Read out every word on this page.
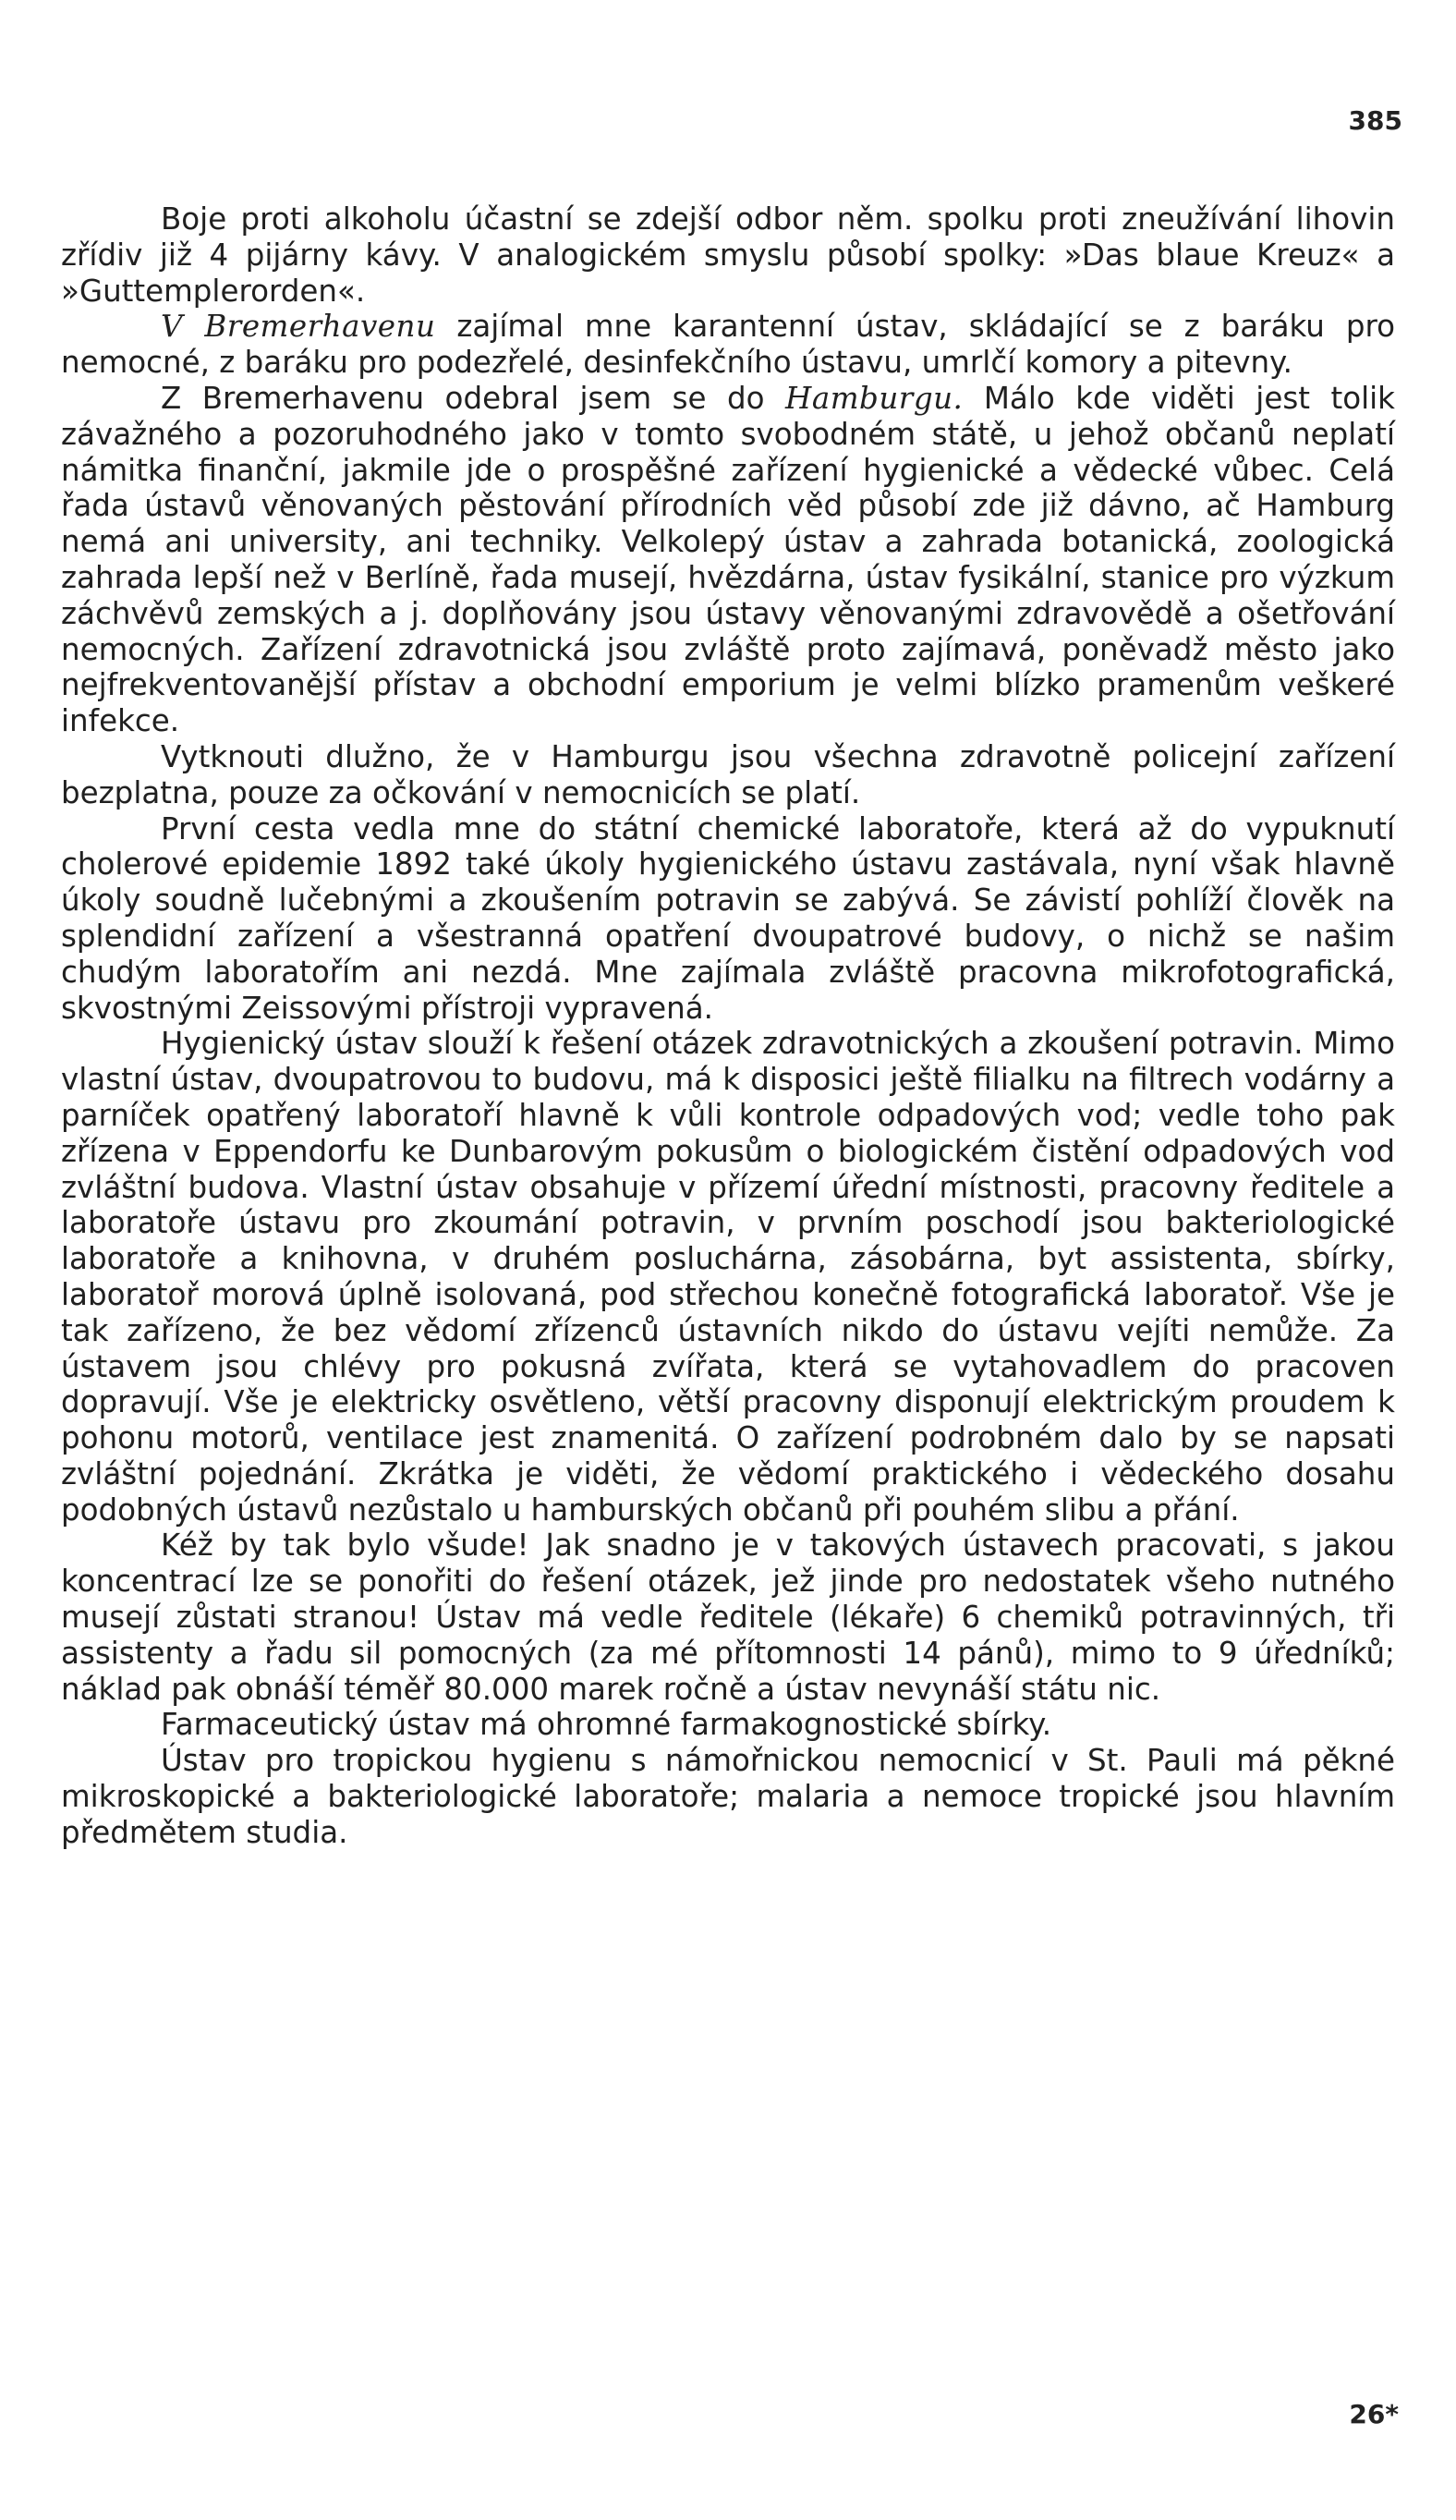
385

Boje proti alkoholu účastní se zdejší odbor něm. spolku proti zneužívání lihovin zřídiv již 4 pijárny kávy. V analogickém smyslu působí spolky: »Das blaue Kreuz« a »Guttemplerorden«.

V Bremerhavenu zajímal mne karantenní ústav, skládající se z baráku pro nemocné, z baráku pro podezřelé, desinfekčního ústavu, umrlčí komory a pitevny.

Z Bremerhavenu odebral jsem se do Hamburgu. Málo kde viděti jest tolik závažného a pozoruhodného jako v tomto svobodném státě, u jehož občanů neplatí námitka finanční, jakmile jde o prospěšné zařízení hygienické a vědecké vůbec. Celá řada ústavů věnovaných pěstování přírodních věd působí zde již dávno, ač Hamburg nemá ani university, ani techniky. Velkolepý ústav a zahrada botanická, zoologická zahrada lepší než v Berlíně, řada musejí, hvězdárna, ústav fysikální, stanice pro výzkum záchvěvů zemských a j. doplňovány jsou ústavy věnovanými zdravovědě a ošetřování nemocných. Zařízení zdravotnická jsou zvláště proto zajímavá, poněvadž město jako nejfrekventovanější přístav a obchodní emporium je velmi blízko pramenům veškeré infekce.

Vytknouti dlužno, že v Hamburgu jsou všechna zdravotně policejní zařízení bezplatna, pouze za očkování v nemocnicích se platí.

První cesta vedla mne do státní chemické laboratoře, která až do vypuknutí cholerové epidemie 1892 také úkoly hygienického ústavu zastávala, nyní však hlavně úkoly soudně lučebnými a zkoušením potravin se zabývá. Se závistí pohlíží člověk na splendidní zařízení a všestranná opatření dvoupatrové budovy, o nichž se našim chudým laboratořím ani nezdá. Mne zajímala zvláště pracovna mikrofotografická, skvostnými Zeissovými přístroji vypravená.

Hygienický ústav slouží k řešení otázek zdravotnických a zkoušení potravin. Mimo vlastní ústav, dvoupatrovou to budovu, má k disposici ještě filialku na filtrech vodárny a parníček opatřený laboratoří hlavně k vůli kontrole odpadových vod; vedle toho pak zřízena v Eppendorfu ke Dunbarovým pokusům o biologickém čistění odpadových vod zvláštní budova. Vlastní ústav obsahuje v přízemí úřední místnosti, pracovny ředitele a laboratoře ústavu pro zkoumání potravin, v prvním poschodí jsou bakteriologické laboratoře a knihovna, v druhém posluchárna, zásobárna, byt assistenta, sbírky, laboratoř morová úplně isolovaná, pod střechou konečně fotografická laboratoř. Vše je tak zařízeno, že bez vědomí zřízenců ústavních nikdo do ústavu vejíti nemůže. Za ústavem jsou chlévy pro pokusná zvířata, která se vytahovadlem do pracoven dopravují. Vše je elektricky osvětleno, větší pracovny disponují elektrickým proudem k pohonu motorů, ventilace jest znamenitá. O zařízení podrobném dalo by se napsati zvláštní pojednání. Zkrátka je viděti, že vědomí praktického i vědeckého dosahu podobných ústavů nezůstalo u hamburských občanů při pouhém slibu a přání.

Kéž by tak bylo všude! Jak snadno je v takových ústavech pracovati, s jakou koncentrací lze se ponořiti do řešení otázek, jež jinde pro nedostatek všeho nutného musejí zůstati stranou! Ústav má vedle ředitele (lékaře) 6 chemiků potravinných, tři assistenty a řadu sil pomocných (za mé přítomnosti 14 pánů), mimo to 9 úředníků; náklad pak obnáší téměř 80.000 marek ročně a ústav nevynáší státu nic.

Farmaceutický ústav má ohromné farmakognostické sbírky.

Ústav pro tropickou hygienu s námořnickou nemocnicí v St. Pauli má pěkné mikroskopické a bakteriologické laboratoře; malaria a nemoce tropické jsou hlavním předmětem studia.

26*
